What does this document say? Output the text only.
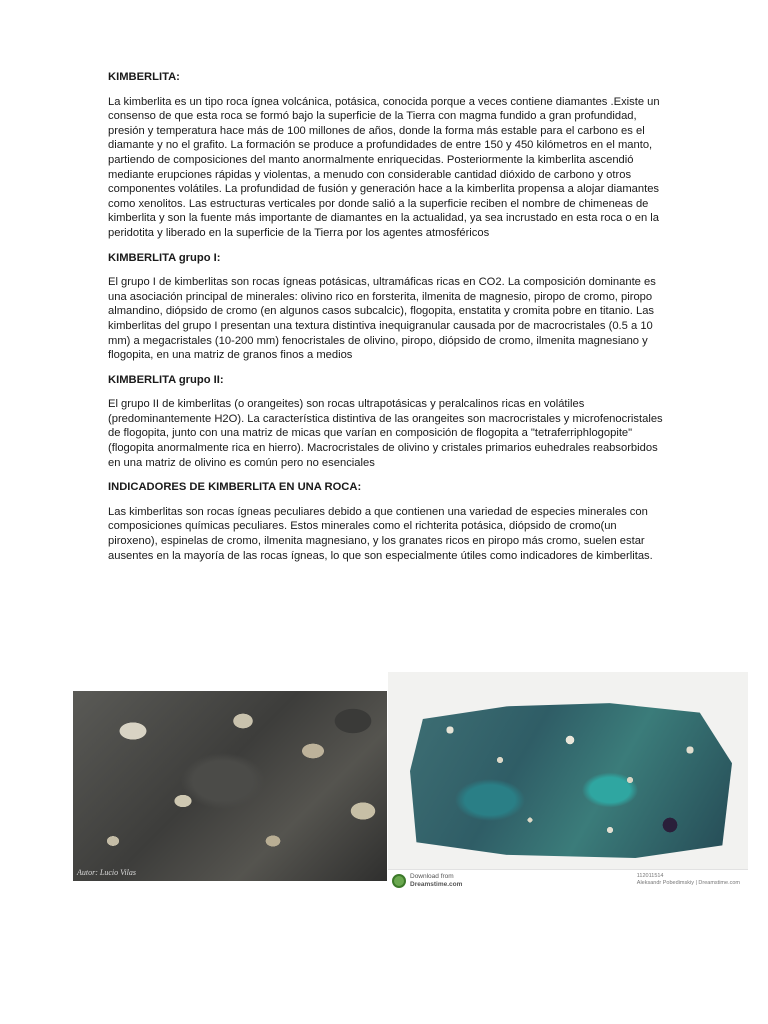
KIMBERLITA:

La kimberlita es un tipo roca ígnea volcánica, potásica, conocida porque a veces contiene diamantes .Existe un consenso de que esta roca se formó bajo la superficie de la Tierra con magma fundido a gran profundidad, presión y temperatura hace más de 100 millones de años, donde la forma más estable para el carbono es el diamante y no el grafito. La formación se produce a profundidades de entre 150 y 450 kilómetros en el manto, partiendo de composiciones del manto anormalmente enriquecidas. Posteriormente la kimberlita ascendió mediante erupciones rápidas y violentas, a menudo con considerable cantidad dióxido de carbono y otros componentes volátiles. La profundidad de fusión y generación hace a la kimberlita propensa a alojar diamantes como xenolitos. Las estructuras verticales por donde salió a la superficie reciben el nombre de chimeneas de kimberlita y son la fuente más importante de diamantes en la actualidad, ya sea incrustado en esta roca o en la peridotita y liberado en la superficie de la Tierra por los agentes atmosféricos

KIMBERLITA grupo I:

El grupo I de kimberlitas son rocas ígneas potásicas, ultramáficas ricas en CO2. La composición dominante es una asociación principal de minerales: olivino rico en forsterita, ilmenita de magnesio, piropo de cromo, piropo almandino, diópsido de cromo (en algunos casos subcalcic), flogopita, enstatita y cromita pobre en titanio. Las kimberlitas del grupo I presentan una textura distintiva inequigranular causada por de macrocristales (0.5 a 10 mm) a megacristales (10-200 mm) fenocristales de olivino, piropo, diópsido de cromo, ilmenita magnesiano y flogopita, en una matriz de granos finos a medios

KIMBERLITA grupo II:

El grupo II de kimberlitas (o orangeites) son rocas ultrapotásicas y peralcalinos ricas en volátiles (predominantemente H2O). La característica distintiva de las orangeites son macrocristales y microfenocristales de flogopita, junto con una matriz de micas que varían en composición de flogopita a "tetraferriphlogopite" (flogopita anormalmente rica en hierro). Macrocristales de olivino y cristales primarios euhedrales reabsorbidos en una matriz de olivino es común pero no esenciales

INDICADORES DE KIMBERLITA EN UNA ROCA:

Las kimberlitas son rocas ígneas peculiares debido a que contienen una variedad de especies minerales con composiciones químicas peculiares. Estos minerales como el richterita potásica, diópsido de cromo(un piroxeno), espinelas de cromo, ilmenita magnesiano, y los granates ricos en piropo más cromo, suelen estar ausentes en la mayoría de las rocas ígneas, lo que son especialmente útiles como indicadores de kimberlitas.

Autor: Lucio Vilas	Download from
Dreamstime.com
112011514
Aleksandr Pobedimskiy | Dreamstime.com
